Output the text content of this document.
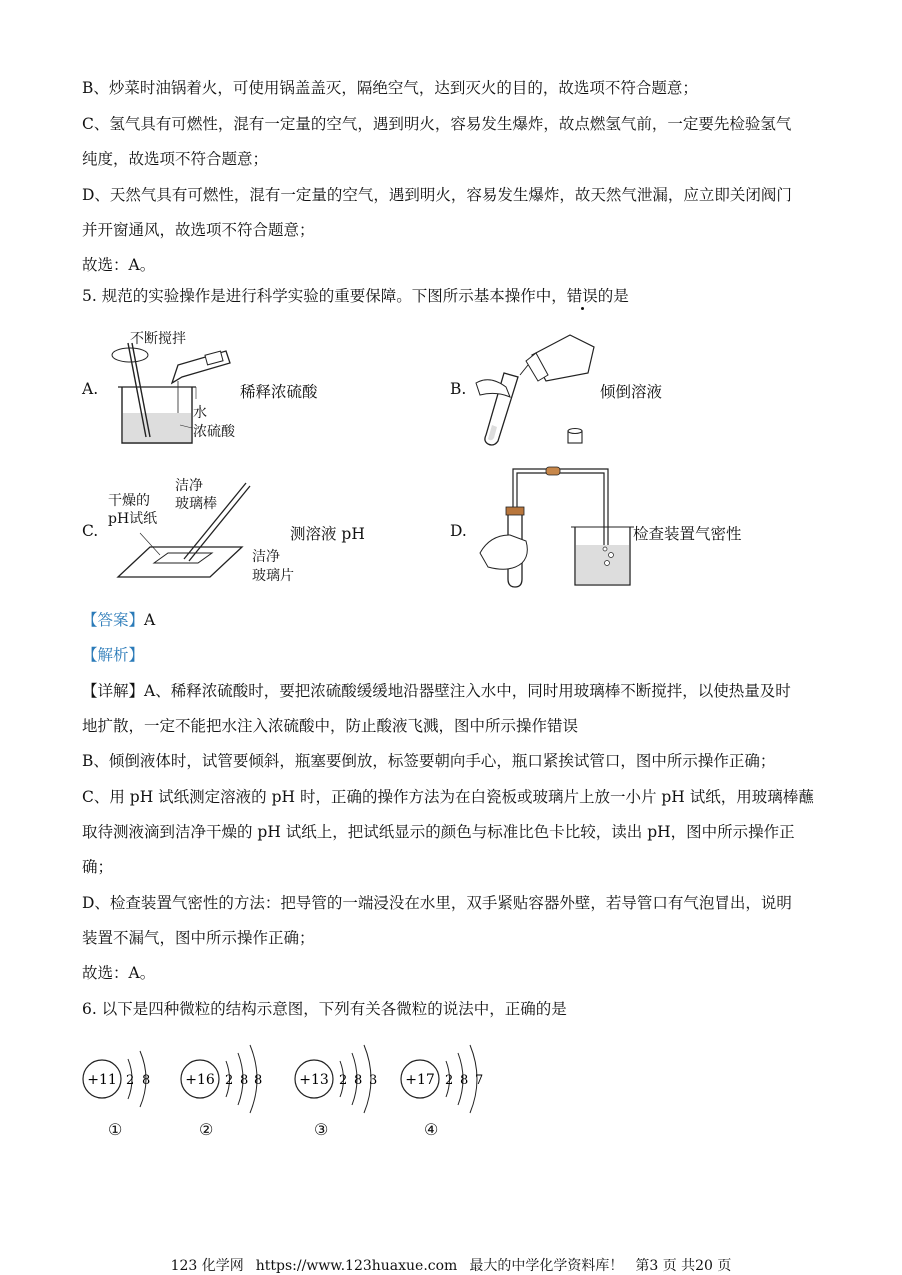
B、炒菜时油锅着火，可使用锅盖盖灭，隔绝空气，达到灭火的目的，故选项不符合题意；
C、氢气具有可燃性，混有一定量的空气，遇到明火，容易发生爆炸，故点燃氢气前，一定要先检验氢气
纯度，故选项不符合题意；
D、天然气具有可燃性，混有一定量的空气，遇到明火，容易发生爆炸，故天然气泄漏，应立即关闭阀门
并开窗通风，故选项不符合题意；
故选：A。
5. 规范的实验操作是进行科学实验的重要保障。下图所示基本操作中，错误的是
A.
不断搅拌
稀释浓硫酸
水
浓硫酸
B.	倾倒溶液
C.
干燥的
pH试纸
洁净
玻璃棒
测溶液 pH
洁净
玻璃片
D.	检查装置气密性
【答案】A
【解析】
【详解】A、稀释浓硫酸时，要把浓硫酸缓缓地沿器壁注入水中，同时用玻璃棒不断搅拌，以使热量及时
地扩散，一定不能把水注入浓硫酸中，防止酸液飞溅，图中所示操作错误
B、倾倒液体时，试管要倾斜，瓶塞要倒放，标签要朝向手心，瓶口紧挨试管口，图中所示操作正确；
C、用 pH 试纸测定溶液的 pH 时，正确的操作方法为在白瓷板或玻璃片上放一小片 pH 试纸，用玻璃棒蘸
取待测液滴到洁净干燥的 pH 试纸上，把试纸显示的颜色与标准比色卡比较，读出 pH，图中所示操作正
确；
D、检查装置气密性的方法：把导管的一端浸没在水里，双手紧贴容器外壁，若导管口有气泡冒出，说明
装置不漏气，图中所示操作正确；
故选：A。
6. 以下是四种微粒的结构示意图，下列有关各微粒的说法中，正确的是
+11 2 8 +16 2 8 8	+13 2 8 3 +17 2 8 7
①	②	③	④
123 化学网 https://www.123huaxue.com 最大的中学化学资料库！ 第3 页 共20 页
